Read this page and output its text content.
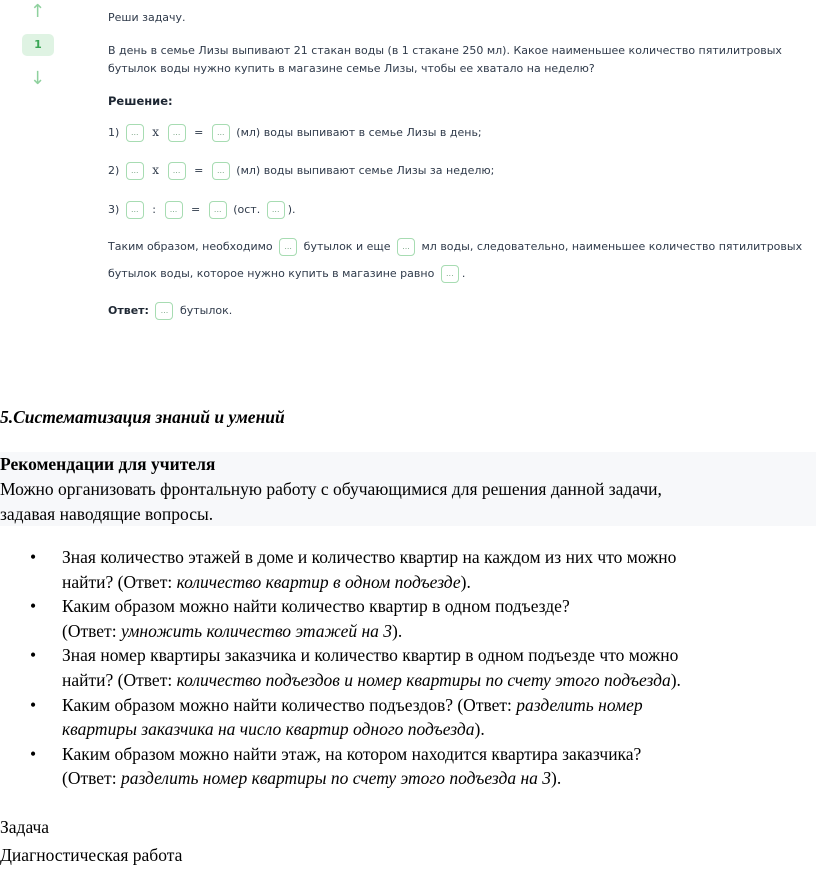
↑
1
↓
Реши задачу.
В день в семье Лизы выпивают 21 стакан воды (в 1 стакане 250 мл). Какое наименьшее количество пятилитровых
бутылок воды нужно купить в магазине семье Лизы, чтобы ее хватало на неделю?
Решение:
1) ... x ... = ... (мл) воды выпивают в семье Лизы в день;
2) ... x ... = ... (мл) воды выпивают семье Лизы за неделю;
3) ... : ... = ... (ост. ... ).
Таким образом, необходимо ... бутылок и еще ... мл воды, следовательно, наименьшее количество пятилитровых
бутылок воды, которое нужно купить в магазине равно ... .
Ответ: ... бутылок.
5.Систематизация знаний и умений
Рекомендации для учителя
Можно организовать фронтальную работу с обучающимися для решения данной задачи,
задавая наводящие вопросы.
• Зная количество этажей в доме и количество квартир на каждом из них что можно
найти? (Ответ: количество квартир в одном подъезде).
• Каким образом можно найти количество квартир в одном подъезде?
(Ответ: умножить количество этажей на 3).
• Зная номер квартиры заказчика и количество квартир в одном подъезде что можно
найти? (Ответ: количество подъездов и номер квартиры по счету этого подъезда).
• Каким образом можно найти количество подъездов? (Ответ: разделить номер
квартиры заказчика на число квартир одного подъезда).
• Каким образом можно найти этаж, на котором находится квартира заказчика?
(Ответ: разделить номер квартиры по счету этого подъезда на 3).
Задача
Диагностическая работа
